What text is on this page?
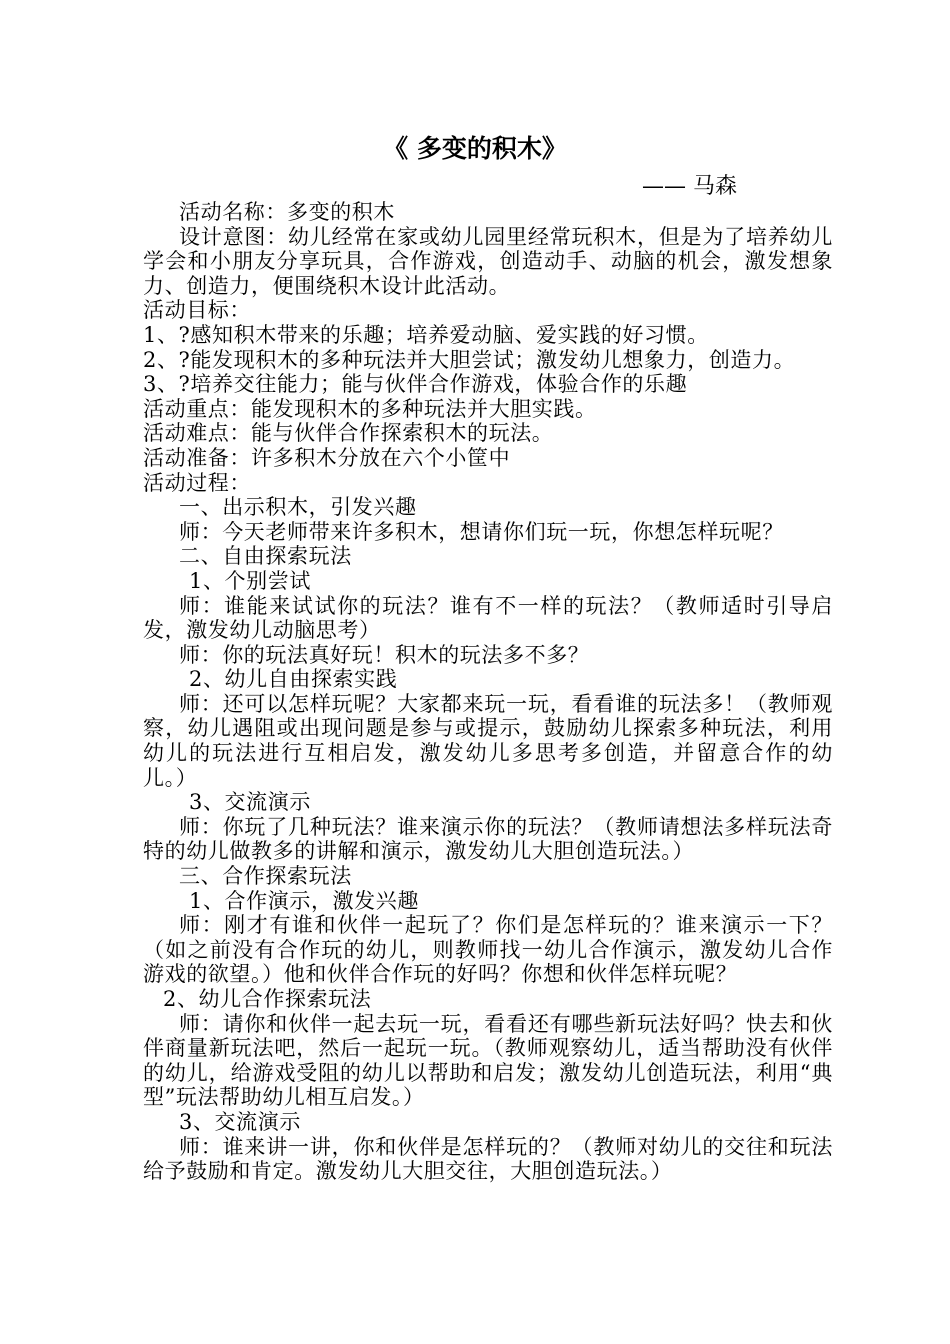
《 多变的积木》
—— 马森
活动名称：多变的积木
设计意图：幼儿经常在家或幼儿园里经常玩积木，但是为了培养幼儿学会和小朋友分享玩具，合作游戏，创造动手、动脑的机会，激发想象力、创造力，便围绕积木设计此活动。
活动目标：
1、?感知积木带来的乐趣；培养爱动脑、爱实践的好习惯。
2、?能发现积木的多种玩法并大胆尝试；激发幼儿想象力，创造力。
3、?培养交往能力；能与伙伴合作游戏，体验合作的乐趣
活动重点：能发现积木的多种玩法并大胆实践。
活动难点：能与伙伴合作探索积木的玩法。
活动准备：许多积木分放在六个小筐中
活动过程：
一、出示积木，引发兴趣
师：今天老师带来许多积木，想请你们玩一玩，你想怎样玩呢？
二、自由探索玩法
1、个别尝试
师：谁能来试试你的玩法？谁有不一样的玩法？（教师适时引导启发，激发幼儿动脑思考）
师：你的玩法真好玩！积木的玩法多不多？
2、幼儿自由探索实践
师：还可以怎样玩呢？大家都来玩一玩，看看谁的玩法多！（教师观察，幼儿遇阻或出现问题是参与或提示，鼓励幼儿探索多种玩法，利用幼儿的玩法进行互相启发，激发幼儿多思考多创造，并留意合作的幼儿。）
3、交流演示
师：你玩了几种玩法？谁来演示你的玩法？（教师请想法多样玩法奇特的幼儿做教多的讲解和演示，激发幼儿大胆创造玩法。）
三、合作探索玩法
1、合作演示，激发兴趣
师：刚才有谁和伙伴一起玩了？你们是怎样玩的？谁来演示一下？（如之前没有合作玩的幼儿，则教师找一幼儿合作演示，激发幼儿合作游戏的欲望。）他和伙伴合作玩的好吗？你想和伙伴怎样玩呢？
2、幼儿合作探索玩法
师：请你和伙伴一起去玩一玩，看看还有哪些新玩法好吗？快去和伙伴商量新玩法吧，然后一起玩一玩。（教师观察幼儿，适当帮助没有伙伴的幼儿，给游戏受阻的幼儿以帮助和启发；激发幼儿创造玩法，利用“典型”玩法帮助幼儿相互启发。）
3、交流演示
师：谁来讲一讲，你和伙伴是怎样玩的？（教师对幼儿的交往和玩法给予鼓励和肯定。激发幼儿大胆交往，大胆创造玩法。）
